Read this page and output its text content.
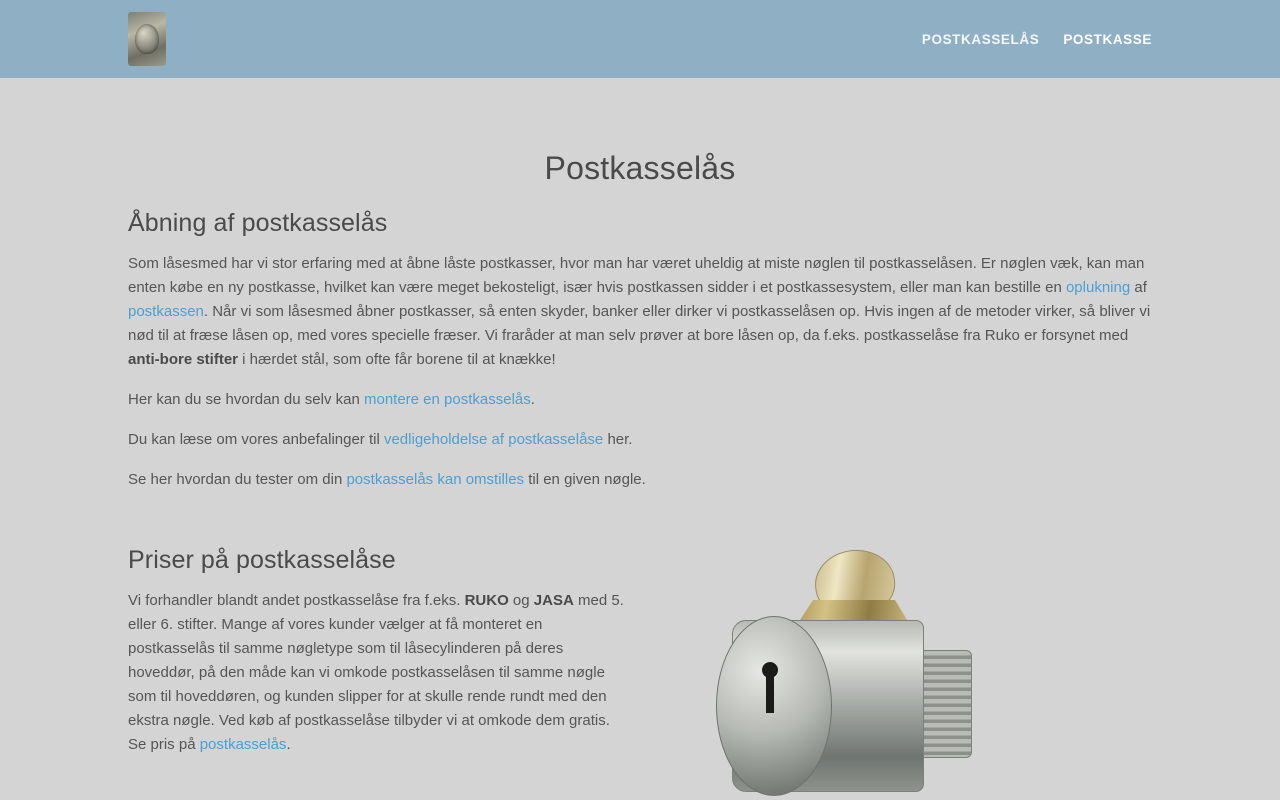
POSTKASSELÅS POSTKASSE
Postkasselås
Åbning af postkasselås

Som låsesmed har vi stor erfaring med at åbne låste postkasser, hvor man har været uheldig at miste nøglen til postkasselåsen. Er nøglen væk, kan man enten købe en ny postkasse, hvilket kan være meget bekosteligt, især hvis postkassen sidder i et postkassesystem, eller man kan bestille en oplukning af postkassen. Når vi som låsesmed åbner postkasser, så enten skyder, banker eller dirker vi postkasselåsen op. Hvis ingen af de metoder virker, så bliver vi nød til at fræse låsen op, med vores specielle fræser. Vi fraråder at man selv prøver at bore låsen op, da f.eks. postkasselåse fra Ruko er forsynet med anti-bore stifter i hærdet stål, som ofte får borene til at knække!

Her kan du se hvordan du selv kan montere en postkasselås.

Du kan læse om vores anbefalinger til vedligeholdelse af postkasselåse her.

Se her hvordan du tester om din postkasselås kan omstilles til en given nøgle.

Priser på postkasselåse

Vi forhandler blandt andet postkasselåse fra f.eks. RUKO og JASA med 5. eller 6. stifter. Mange af vores kunder vælger at få monteret en postkasselås til samme nøgletype som til låsecylinderen på deres hoveddør, på den måde kan vi omkode postkasselåsen til samme nøgle som til hoveddøren, og kunden slipper for at skulle rende rundt med den ekstra nøgle. Ved køb af postkasselåse tilbyder vi at omkode dem gratis. Se pris på postkasselås.
